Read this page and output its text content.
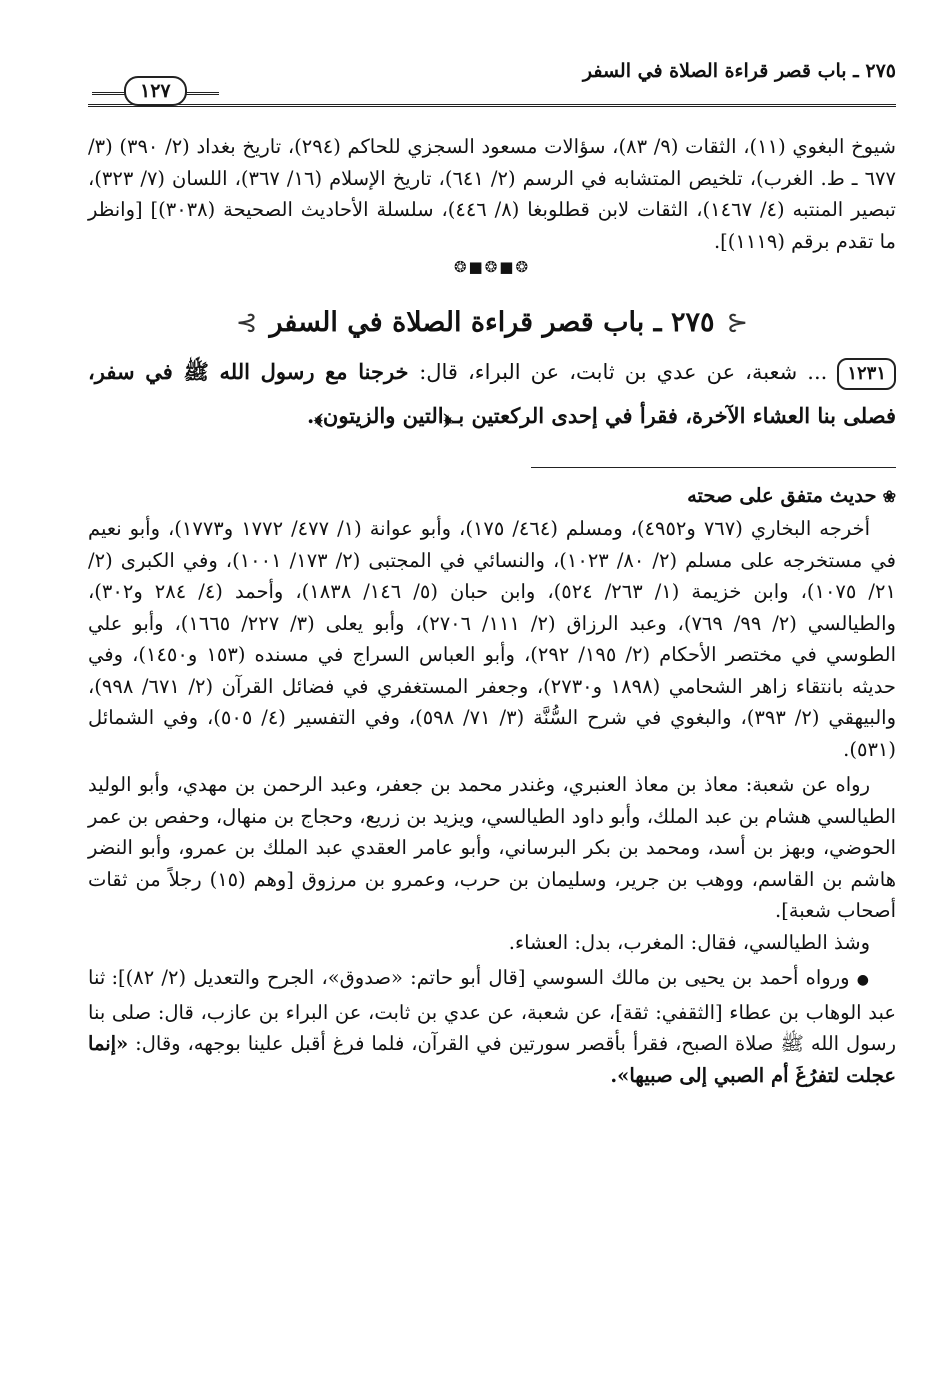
٢٧٥ ـ باب قصر قراءة الصلاة في السفر
١٢٧

شيوخ البغوي (١١)، الثقات (٩/ ٨٣)، سؤالات مسعود السجزي للحاكم (٢٩٤)، تاريخ بغداد (٢/ ٣٩٠) (٣/ ٦٧٧ ـ ط. الغرب)، تلخيص المتشابه في الرسم (٢/ ٦٤١)، تاريخ الإسلام (١٦/ ٣٦٧)، اللسان (٧/ ٣٢٣)، تبصير المنتبه (٤/ ١٤٦٧)، الثقات لابن قطلوبغا (٨/ ٤٤٦)، سلسلة الأحاديث الصحيحة (٣٠٣٨)] [وانظر ما تقدم برقم (١١١٩)].

❂■❂■❂

⊰
٢٧٥ ـ باب قصر قراءة الصلاة في السفر
⊱

١٢٣١... شعبة، عن عدي بن ثابت، عن البراء، قال: خرجنا مع رسول الله ﷺ في سفر، فصلى بنا العشاء الآخرة، فقرأ في إحدى الركعتين بـ﴿التين والزيتون﴾.

❀حديث متفق على صحته

أخرجه البخاري (٧٦٧ و٤٩٥٢)، ومسلم (٤٦٤/ ١٧٥)، وأبو عوانة (١/ ٤٧٧/ ١٧٧٢ و١٧٧٣)، وأبو نعيم في مستخرجه على مسلم (٢/ ٨٠/ ١٠٢٣)، والنسائي في المجتبى (٢/ ١٧٣/ ١٠٠١)، وفي الكبرى (٢/ ٢١/ ١٠٧٥)، وابن خزيمة (١/ ٢٦٣/ ٥٢٤)، وابن حبان (٥/ ١٤٦/ ١٨٣٨)، وأحمد (٤/ ٢٨٤ و٣٠٢)، والطيالسي (٢/ ٩٩/ ٧٦٩)، وعبد الرزاق (٢/ ١١١/ ٢٧٠٦)، وأبو يعلى (٣/ ٢٢٧/ ١٦٦٥)، وأبو علي الطوسي في مختصر الأحكام (٢/ ١٩٥/ ٢٩٢)، وأبو العباس السراج في مسنده (١٥٣ و١٤٥٠)، وفي حديثه بانتقاء زاهر الشحامي (١٨٩٨ و٢٧٣٠)، وجعفر المستغفري في فضائل القرآن (٢/ ٦٧١/ ٩٩٨)، والبيهقي (٢/ ٣٩٣)، والبغوي في شرح السُّنَّة (٣/ ٧١/ ٥٩٨)، وفي التفسير (٤/ ٥٠٥)، وفي الشمائل (٥٣١).

رواه عن شعبة: معاذ بن معاذ العنبري، وغندر محمد بن جعفر، وعبد الرحمن بن مهدي، وأبو الوليد الطيالسي هشام بن عبد الملك، وأبو داود الطيالسي، ويزيد بن زريع، وحجاج بن منهال، وحفص بن عمر الحوضي، وبهز بن أسد، ومحمد بن بكر البرساني، وأبو عامر العقدي عبد الملك بن عمرو، وأبو النضر هاشم بن القاسم، ووهب بن جرير، وسليمان بن حرب، وعمرو بن مرزوق [وهم (١٥) رجلاً من ثقات أصحاب شعبة].

وشذ الطيالسي، فقال: المغرب، بدل: العشاء.

● ورواه أحمد بن يحيى بن مالك السوسي [قال أبو حاتم: «صدوق»، الجرح والتعديل (٢/ ٨٢)]: ثنا عبد الوهاب بن عطاء [الثقفي: ثقة]، عن شعبة، عن عدي بن ثابت، عن البراء بن عازب، قال: صلى بنا رسول الله ﷺ صلاة الصبح، فقرأ بأقصر سورتين في القرآن، فلما فرغ أقبل علينا بوجهه، وقال: «إنما عجلت لتفرُغَ أم الصبي إلى صبيها».
